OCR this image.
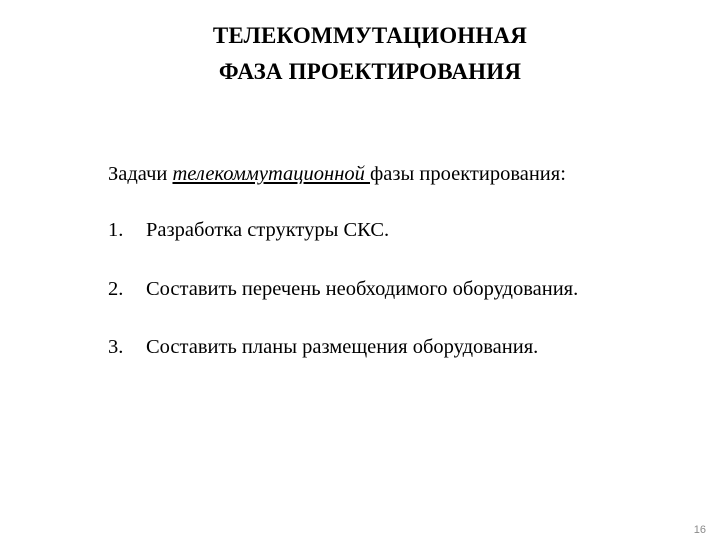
ТЕЛЕКОММУТАЦИОННАЯ
ФАЗА ПРОЕКТИРОВАНИЯ
Задачи телекоммутационной фазы проектирования:
1. Разработка структуры СКС.
2. Составить перечень необходимого оборудования.
3. Составить планы размещения оборудования.
16
